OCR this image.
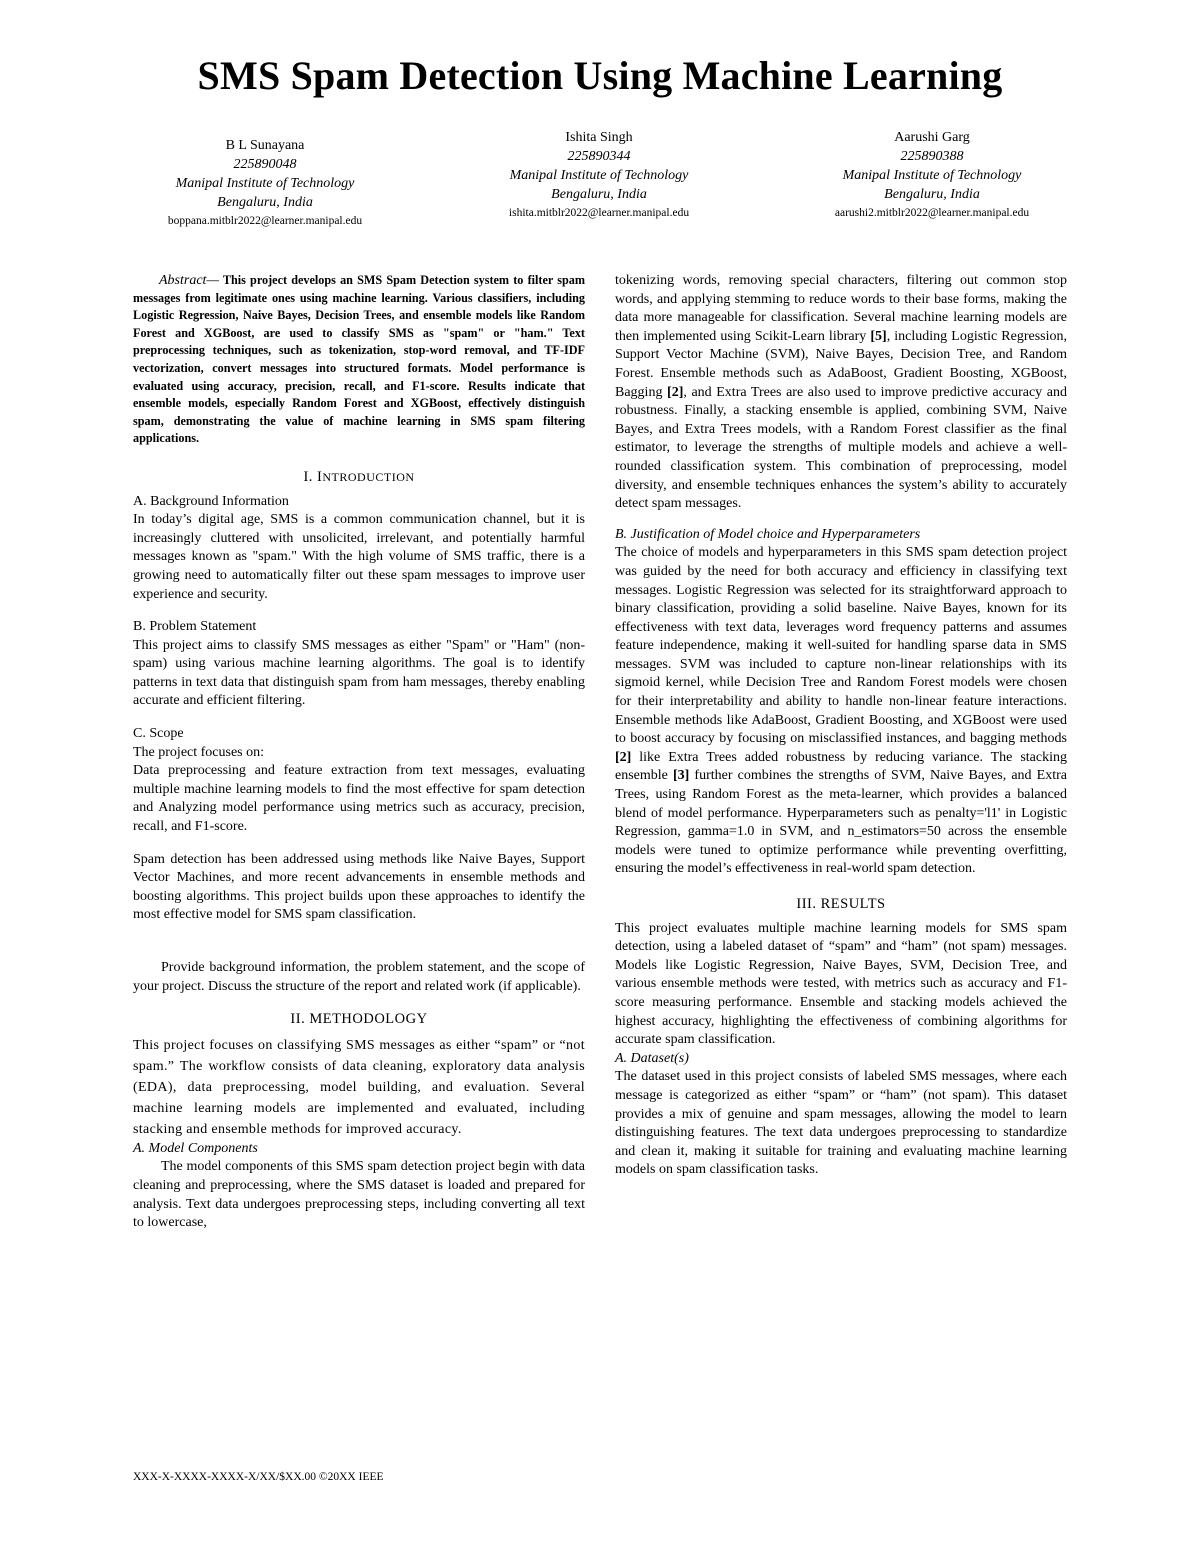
SMS Spam Detection Using Machine Learning
B L Sunayana
225890048
Manipal Institute of Technology
Bengaluru, India
boppana.mitblr2022@learner.manipal.edu
Ishita Singh
225890344
Manipal Institute of Technology
Bengaluru, India
ishita.mitblr2022@learner.manipal.edu
Aarushi Garg
225890388
Manipal Institute of Technology
Bengaluru, India
aarushi2.mitblr2022@learner.manipal.edu

Abstract— This project develops an SMS Spam Detection system to filter spam messages from legitimate ones using machine learning. Various classifiers, including Logistic Regression, Naive Bayes, Decision Trees, and ensemble models like Random Forest and XGBoost, are used to classify SMS as "spam" or "ham." Text preprocessing techniques, such as tokenization, stop-word removal, and TF-IDF vectorization, convert messages into structured formats. Model performance is evaluated using accuracy, precision, recall, and F1-score. Results indicate that ensemble models, especially Random Forest and XGBoost, effectively distinguish spam, demonstrating the value of machine learning in SMS spam filtering applications.

I. INTRODUCTION

A. Background Information

In today’s digital age, SMS is a common communication channel, but it is increasingly cluttered with unsolicited, irrelevant, and potentially harmful messages known as "spam." With the high volume of SMS traffic, there is a growing need to automatically filter out these spam messages to improve user experience and security.

B. Problem Statement

This project aims to classify SMS messages as either "Spam" or "Ham" (non-spam) using various machine learning algorithms. The goal is to identify patterns in text data that distinguish spam from ham messages, thereby enabling accurate and efficient filtering.

C. Scope

The project focuses on:

Data preprocessing and feature extraction from text messages, evaluating multiple machine learning models to find the most effective for spam detection and Analyzing model performance using metrics such as accuracy, precision, recall, and F1-score.

Spam detection has been addressed using methods like Naive Bayes, Support Vector Machines, and more recent advancements in ensemble methods and boosting algorithms. This project builds upon these approaches to identify the most effective model for SMS spam classification.

Provide background information, the problem statement, and the scope of your project. Discuss the structure of the report and related work (if applicable).

II. METHODOLOGY

This project focuses on classifying SMS messages as either “spam” or “not spam.” The workflow consists of data cleaning, exploratory data analysis (EDA), data preprocessing, model building, and evaluation. Several machine learning models are implemented and evaluated, including stacking and ensemble methods for improved accuracy.

A. Model Components

The model components of this SMS spam detection project begin with data cleaning and preprocessing, where the SMS dataset is loaded and prepared for analysis. Text data undergoes preprocessing steps, including converting all text to lowercase,

tokenizing words, removing special characters, filtering out common stop words, and applying stemming to reduce words to their base forms, making the data more manageable for classification. Several machine learning models are then implemented using Scikit-Learn library [5], including Logistic Regression, Support Vector Machine (SVM), Naive Bayes, Decision Tree, and Random Forest. Ensemble methods such as AdaBoost, Gradient Boosting, XGBoost, Bagging [2], and Extra Trees are also used to improve predictive accuracy and robustness. Finally, a stacking ensemble is applied, combining SVM, Naive Bayes, and Extra Trees models, with a Random Forest classifier as the final estimator, to leverage the strengths of multiple models and achieve a well-rounded classification system. This combination of preprocessing, model diversity, and ensemble techniques enhances the system’s ability to accurately detect spam messages.

B. Justification of Model choice and Hyperparameters

The choice of models and hyperparameters in this SMS spam detection project was guided by the need for both accuracy and efficiency in classifying text messages. Logistic Regression was selected for its straightforward approach to binary classification, providing a solid baseline. Naive Bayes, known for its effectiveness with text data, leverages word frequency patterns and assumes feature independence, making it well-suited for handling sparse data in SMS messages. SVM was included to capture non-linear relationships with its sigmoid kernel, while Decision Tree and Random Forest models were chosen for their interpretability and ability to handle non-linear feature interactions. Ensemble methods like AdaBoost, Gradient Boosting, and XGBoost were used to boost accuracy by focusing on misclassified instances, and bagging methods [2] like Extra Trees added robustness by reducing variance. The stacking ensemble [3] further combines the strengths of SVM, Naive Bayes, and Extra Trees, using Random Forest as the meta-learner, which provides a balanced blend of model performance. Hyperparameters such as penalty='l1' in Logistic Regression, gamma=1.0 in SVM, and n_estimators=50 across the ensemble models were tuned to optimize performance while preventing overfitting, ensuring the model’s effectiveness in real-world spam detection.

III. RESULTS

This project evaluates multiple machine learning models for SMS spam detection, using a labeled dataset of “spam” and “ham” (not spam) messages. Models like Logistic Regression, Naive Bayes, SVM, Decision Tree, and various ensemble methods were tested, with metrics such as accuracy and F1-score measuring performance. Ensemble and stacking models achieved the highest accuracy, highlighting the effectiveness of combining algorithms for accurate spam classification.

A. Dataset(s)

The dataset used in this project consists of labeled SMS messages, where each message is categorized as either “spam” or “ham” (not spam). This dataset provides a mix of genuine and spam messages, allowing the model to learn distinguishing features. The text data undergoes preprocessing to standardize and clean it, making it suitable for training and evaluating machine learning models on spam classification tasks.

XXX-X-XXXX-XXXX-X/XX/$XX.00 ©20XX IEEE
